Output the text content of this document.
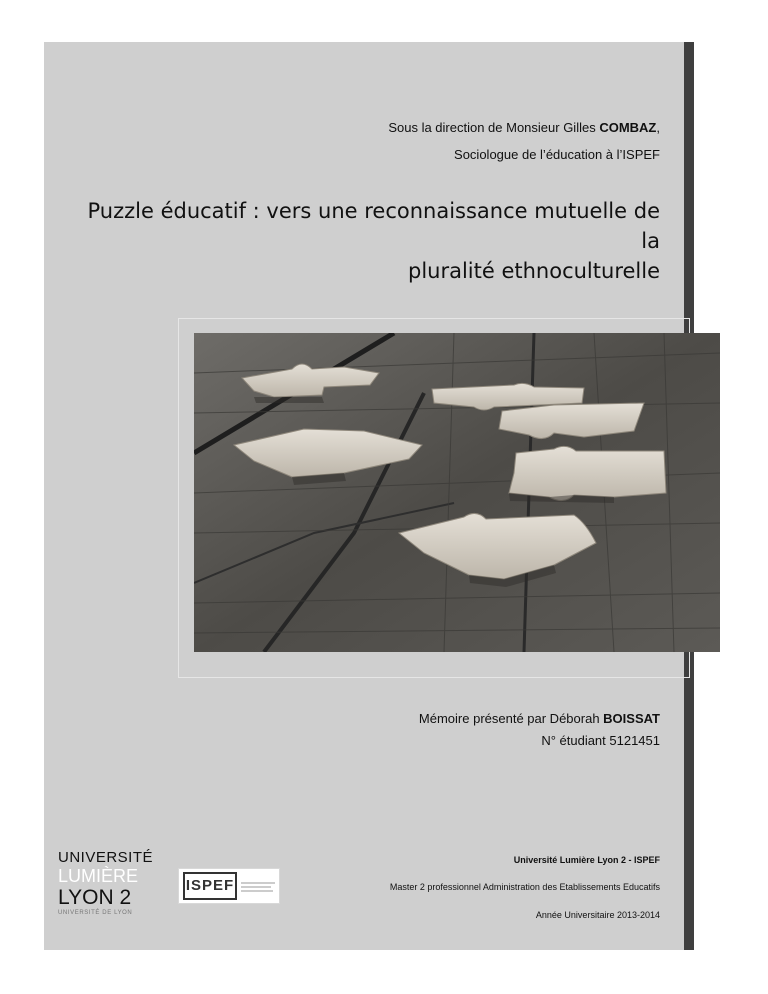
Sous la direction de Monsieur Gilles COMBAZ,
Sociologue de l’éducation à l’ISPEF
Puzzle éducatif : vers une reconnaissance mutuelle de la
pluralité ethnoculturelle
Mémoire présenté par Déborah BOISSAT
N° étudiant 5121451
Université Lumière Lyon 2 - ISPEF
Master 2 professionnel Administration des Etablissements Educatifs
Année Universitaire 2013-2014
UNIVERSITÉ
LUMIÈRE
LYON 2
UNIVERSITÉ DE LYON
ISPEF
